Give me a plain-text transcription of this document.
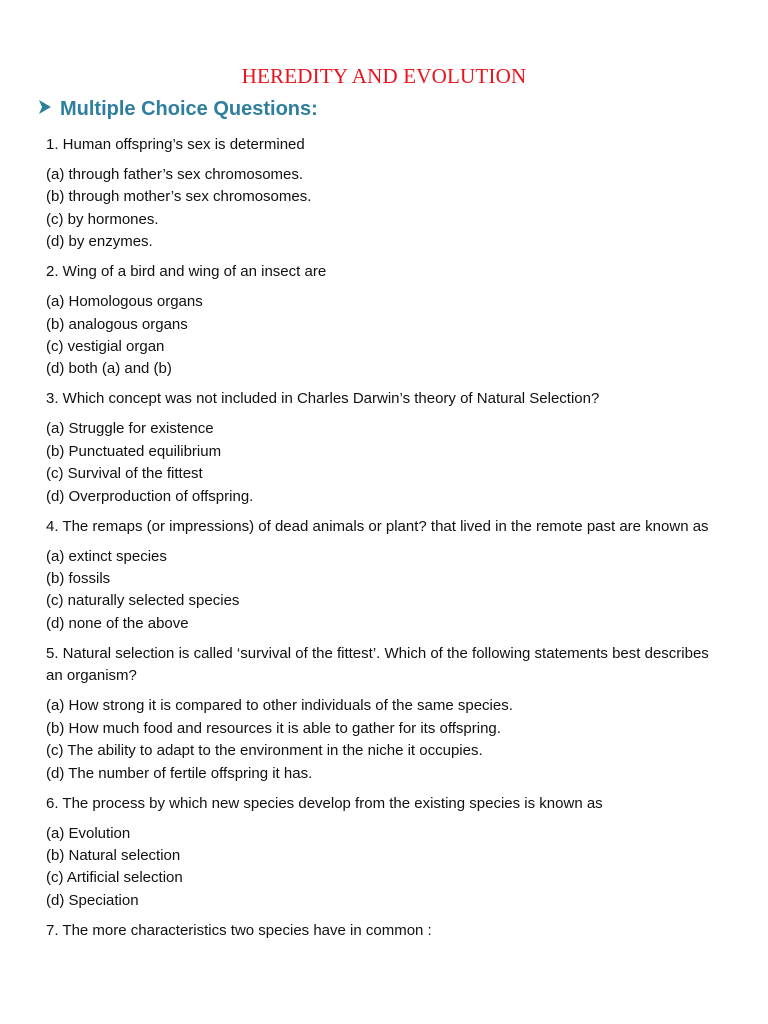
HEREDITY AND EVOLUTION
Multiple Choice Questions:
1. Human offspring’s sex is determined
(a) through father’s sex chromosomes.
(b) through mother’s sex chromosomes.
(c) by hormones.
(d) by enzymes.
2. Wing of a bird and wing of an insect are
(a) Homologous organs
(b) analogous organs
(c) vestigial organ
(d) both (a) and (b)
3. Which concept was not included in Charles Darwin’s theory of Natural Selection?
(a) Struggle for existence
(b) Punctuated equilibrium
(c) Survival of the fittest
(d) Overproduction of offspring.
4. The remaps (or impressions) of dead animals or plant? that lived in the remote past are known as
(a) extinct species
(b) fossils
(c) naturally selected species
(d) none of the above
5. Natural selection is called ‘survival of the fittest’. Which of the following statements best describes an organism?
(a) How strong it is compared to other individuals of the same species.
(b) How much food and resources it is able to gather for its offspring.
(c) The ability to adapt to the environment in the niche it occupies.
(d) The number of fertile offspring it has.
6. The process by which new species develop from the existing species is known as
(a) Evolution
(b) Natural selection
(c) Artificial selection
(d) Speciation
7. The more characteristics two species have in common :
